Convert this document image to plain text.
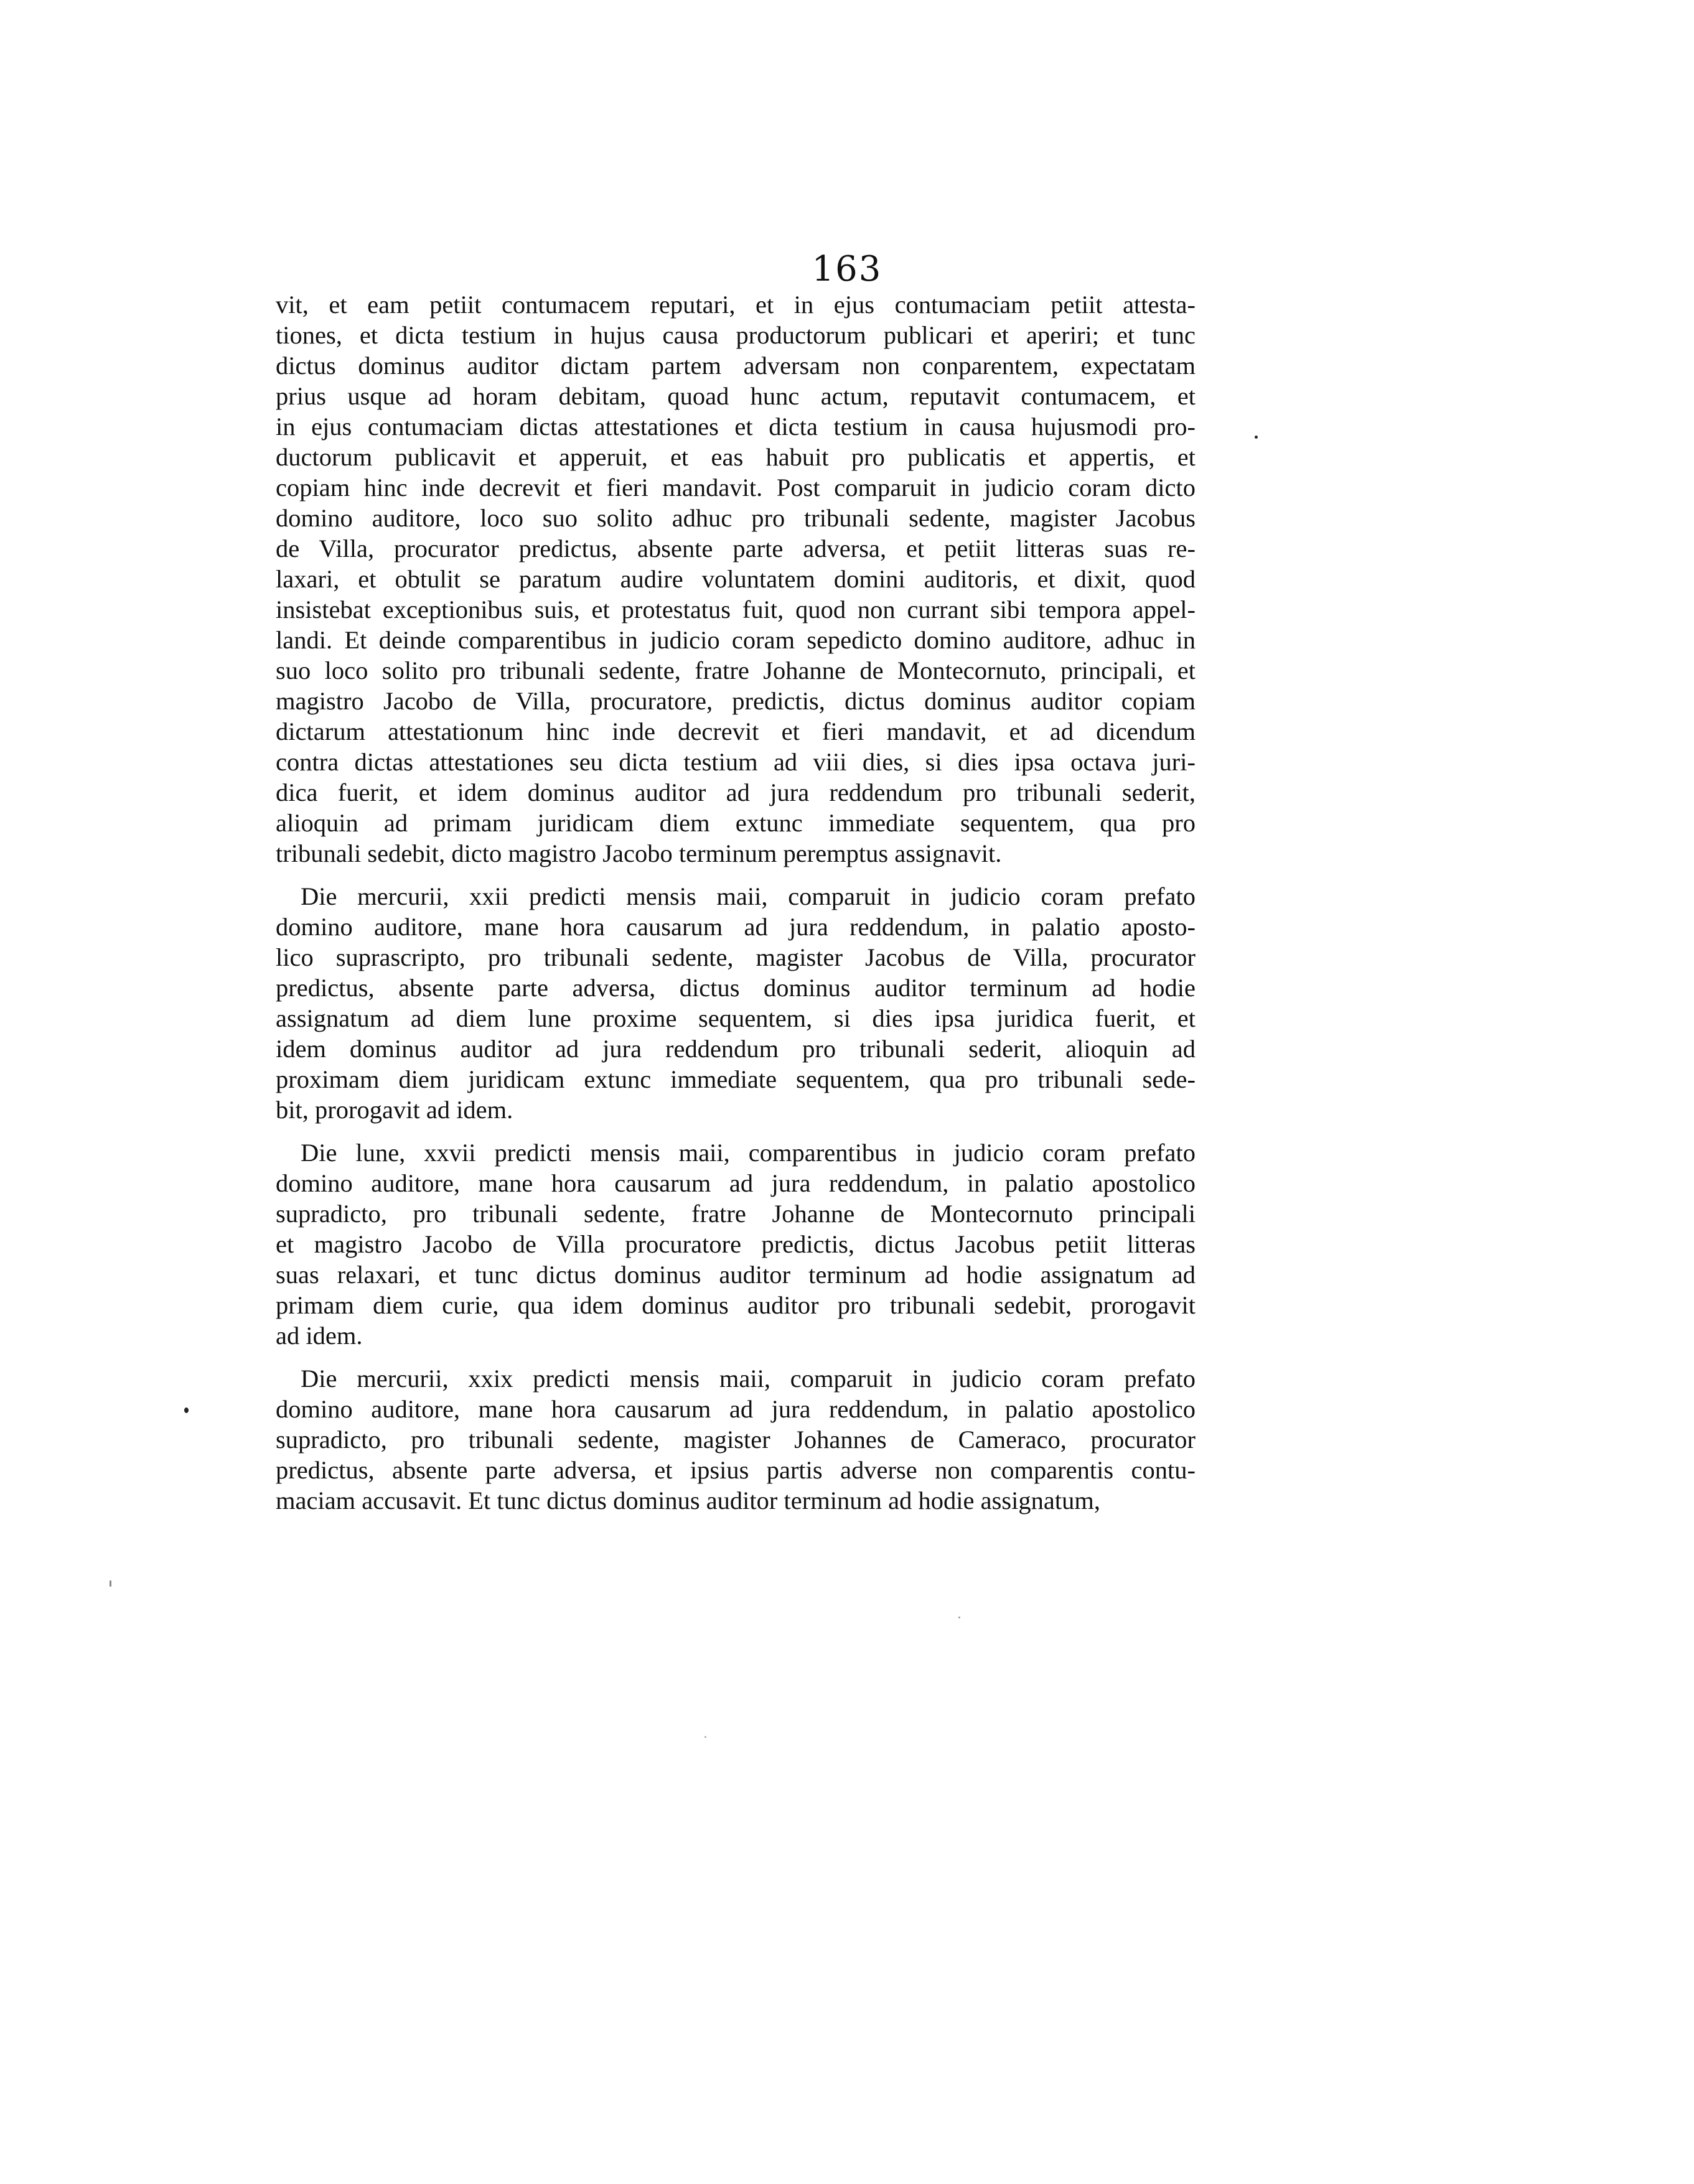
163
vit, et eam petiit contumacem reputari, et in ejus contumaciam petiit attesta-
tiones, et dicta testium in hujus causa productorum publicari et aperiri; et tunc
dictus dominus auditor dictam partem adversam non conparentem, expectatam
prius usque ad horam debitam, quoad hunc actum, reputavit contumacem, et
in ejus contumaciam dictas attestationes et dicta testium in causa hujusmodi pro-
ductorum publicavit et apperuit, et eas habuit pro publicatis et appertis, et
copiam hinc inde decrevit et fieri mandavit. Post comparuit in judicio coram dicto
domino auditore, loco suo solito adhuc pro tribunali sedente, magister Jacobus
de Villa, procurator predictus, absente parte adversa, et petiit litteras suas re-
laxari, et obtulit se paratum audire voluntatem domini auditoris, et dixit, quod
insistebat exceptionibus suis, et protestatus fuit, quod non currant sibi tempora appel-
landi. Et deinde comparentibus in judicio coram sepedicto domino auditore, adhuc in
suo loco solito pro tribunali sedente, fratre Johanne de Montecornuto, principali, et
magistro Jacobo de Villa, procuratore, predictis, dictus dominus auditor copiam
dictarum attestationum hinc inde decrevit et fieri mandavit, et ad dicendum
contra dictas attestationes seu dicta testium ad viii dies, si dies ipsa octava juri-
dica fuerit, et idem dominus auditor ad jura reddendum pro tribunali sederit,
alioquin ad primam juridicam diem extunc immediate sequentem, qua pro
tribunali sedebit, dicto magistro Jacobo terminum peremptus assignavit.
Die mercurii, xxii predicti mensis maii, comparuit in judicio coram prefato
domino auditore, mane hora causarum ad jura reddendum, in palatio aposto-
lico suprascripto, pro tribunali sedente, magister Jacobus de Villa, procurator
predictus, absente parte adversa, dictus dominus auditor terminum ad hodie
assignatum ad diem lune proxime sequentem, si dies ipsa juridica fuerit, et
idem dominus auditor ad jura reddendum pro tribunali sederit, alioquin ad
proximam diem juridicam extunc immediate sequentem, qua pro tribunali sede-
bit, prorogavit ad idem.
Die lune, xxvii predicti mensis maii, comparentibus in judicio coram prefato
domino auditore, mane hora causarum ad jura reddendum, in palatio apostolico
supradicto, pro tribunali sedente, fratre Johanne de Montecornuto principali
et magistro Jacobo de Villa procuratore predictis, dictus Jacobus petiit litteras
suas relaxari, et tunc dictus dominus auditor terminum ad hodie assignatum ad
primam diem curie, qua idem dominus auditor pro tribunali sedebit, prorogavit
ad idem.
Die mercurii, xxix predicti mensis maii, comparuit in judicio coram prefato
domino auditore, mane hora causarum ad jura reddendum, in palatio apostolico
supradicto, pro tribunali sedente, magister Johannes de Cameraco, procurator
predictus, absente parte adversa, et ipsius partis adverse non comparentis contu-
maciam accusavit. Et tunc dictus dominus auditor terminum ad hodie assignatum,
